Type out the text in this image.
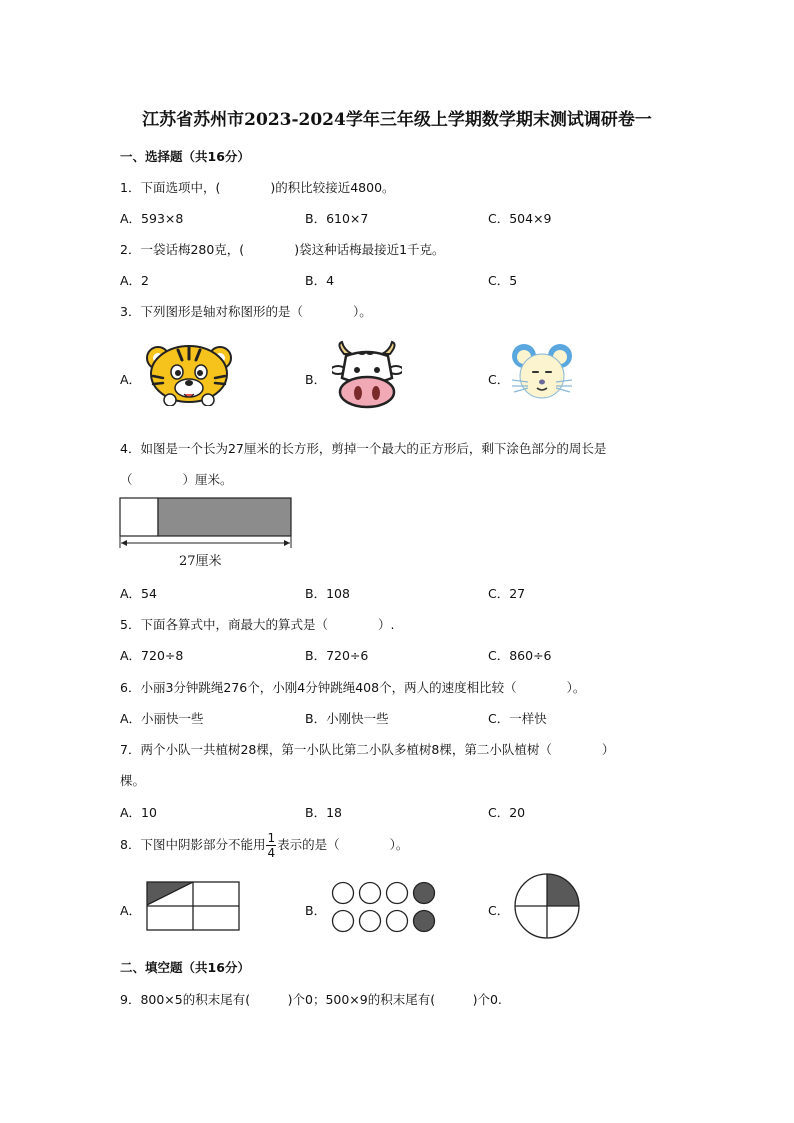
江苏省苏州市2023-2024学年三年级上学期数学期末测试调研卷一
一、选择题（共16分）
1．下面选项中，(　　　　)的积比较接近4800。
A．593×8	B．610×7	C．504×9
2．一袋话梅280克，(　　　　)袋这种话梅最接近1千克。
A．2	B．4	C．5
3．下列图形是轴对称图形的是（　　　　）。
A．	B．	C．
4．如图是一个长为27厘米的长方形，剪掉一个最大的正方形后，剩下涂色部分的周长是
（　　　　）厘米。
27厘米
A．54	B．108	C．27
5．下面各算式中，商最大的算式是（　　　　）.
A．720÷8	B．720÷6	C．860÷6
6．小丽3分钟跳绳276个，小刚4分钟跳绳408个，两人的速度相比较（　　　　）。
A．小丽快一些	B．小刚快一些	C．一样快
7．两个小队一共植树28棵，第一小队比第二小队多植树8棵，第二小队植树（　　　　）
棵。
A．10	B．18	C．20
8．下图中阴影部分不能用 $\frac{1}{4}$ 表示的是（　　　　）。
A．	B．	C．
二、填空题（共16分）
9．800×5的积末尾有(　　　)个0；500×9的积末尾有(　　　)个0.
